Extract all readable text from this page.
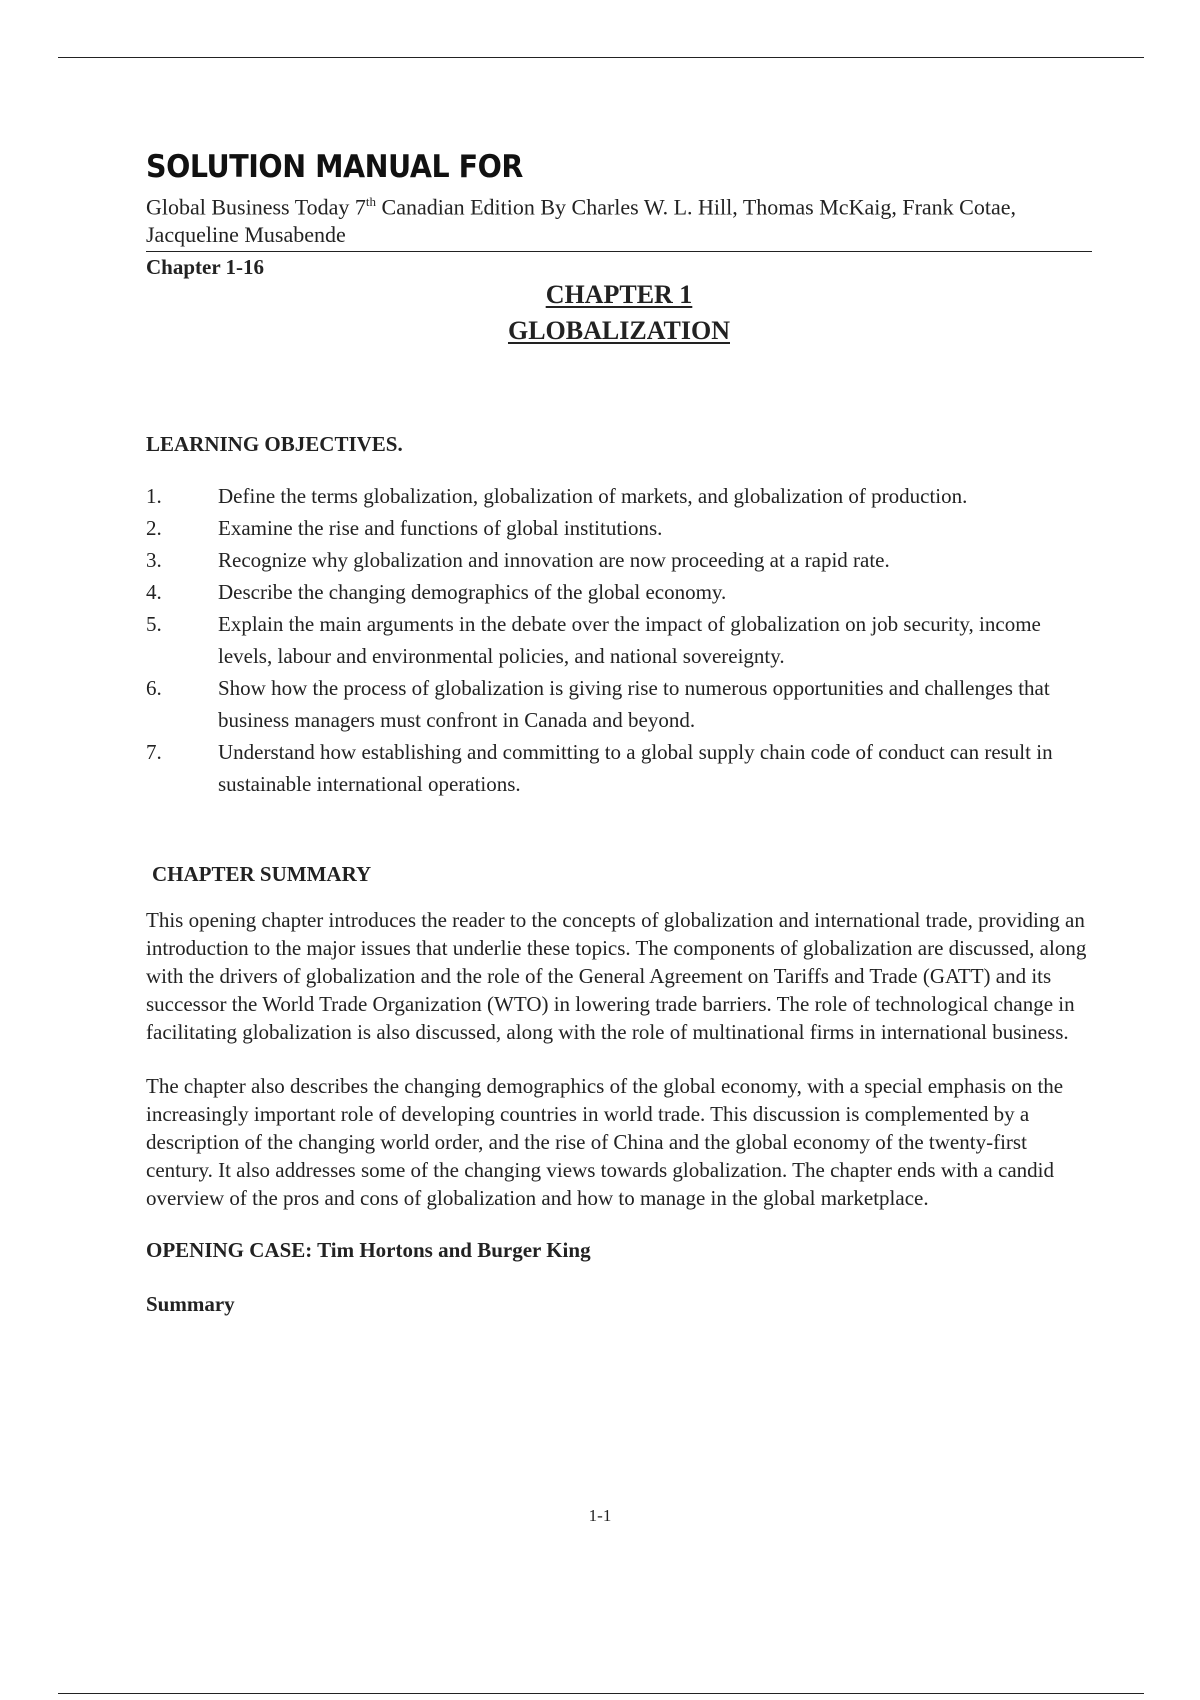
SOLUTION MANUAL FOR
Global Business Today 7th Canadian Edition By Charles W. L. Hill, Thomas McKaig, Frank Cotae, Jacqueline Musabende
Chapter 1-16
CHAPTER 1
GLOBALIZATION
LEARNING OBJECTIVES.
1.	Define the terms globalization, globalization of markets, and globalization of production.
2.	Examine the rise and functions of global institutions.
3.	Recognize why globalization and innovation are now proceeding at a rapid rate.
4.	Describe the changing demographics of the global economy.
5.	Explain the main arguments in the debate over the impact of globalization on job security, income levels, labour and environmental policies, and national sovereignty.
6.	Show how the process of globalization is giving rise to numerous opportunities and challenges that business managers must confront in Canada and beyond.
7.	Understand how establishing and committing to a global supply chain code of conduct can result in sustainable international operations.
CHAPTER SUMMARY

This opening chapter introduces the reader to the concepts of globalization and international trade, providing an introduction to the major issues that underlie these topics. The components of globalization are discussed, along with the drivers of globalization and the role of the General Agreement on Tariffs and Trade (GATT) and its successor the World Trade Organization (WTO) in lowering trade barriers. The role of technological change in facilitating globalization is also discussed, along with the role of multinational firms in international business.

The chapter also describes the changing demographics of the global economy, with a special emphasis on the increasingly important role of developing countries in world trade. This discussion is complemented by a description of the changing world order, and the rise of China and the global economy of the twenty-first century. It also addresses some of the changing views towards globalization. The chapter ends with a candid overview of the pros and cons of globalization and how to manage in the global marketplace.

OPENING CASE: Tim Hortons and Burger King
Summary
1-1
